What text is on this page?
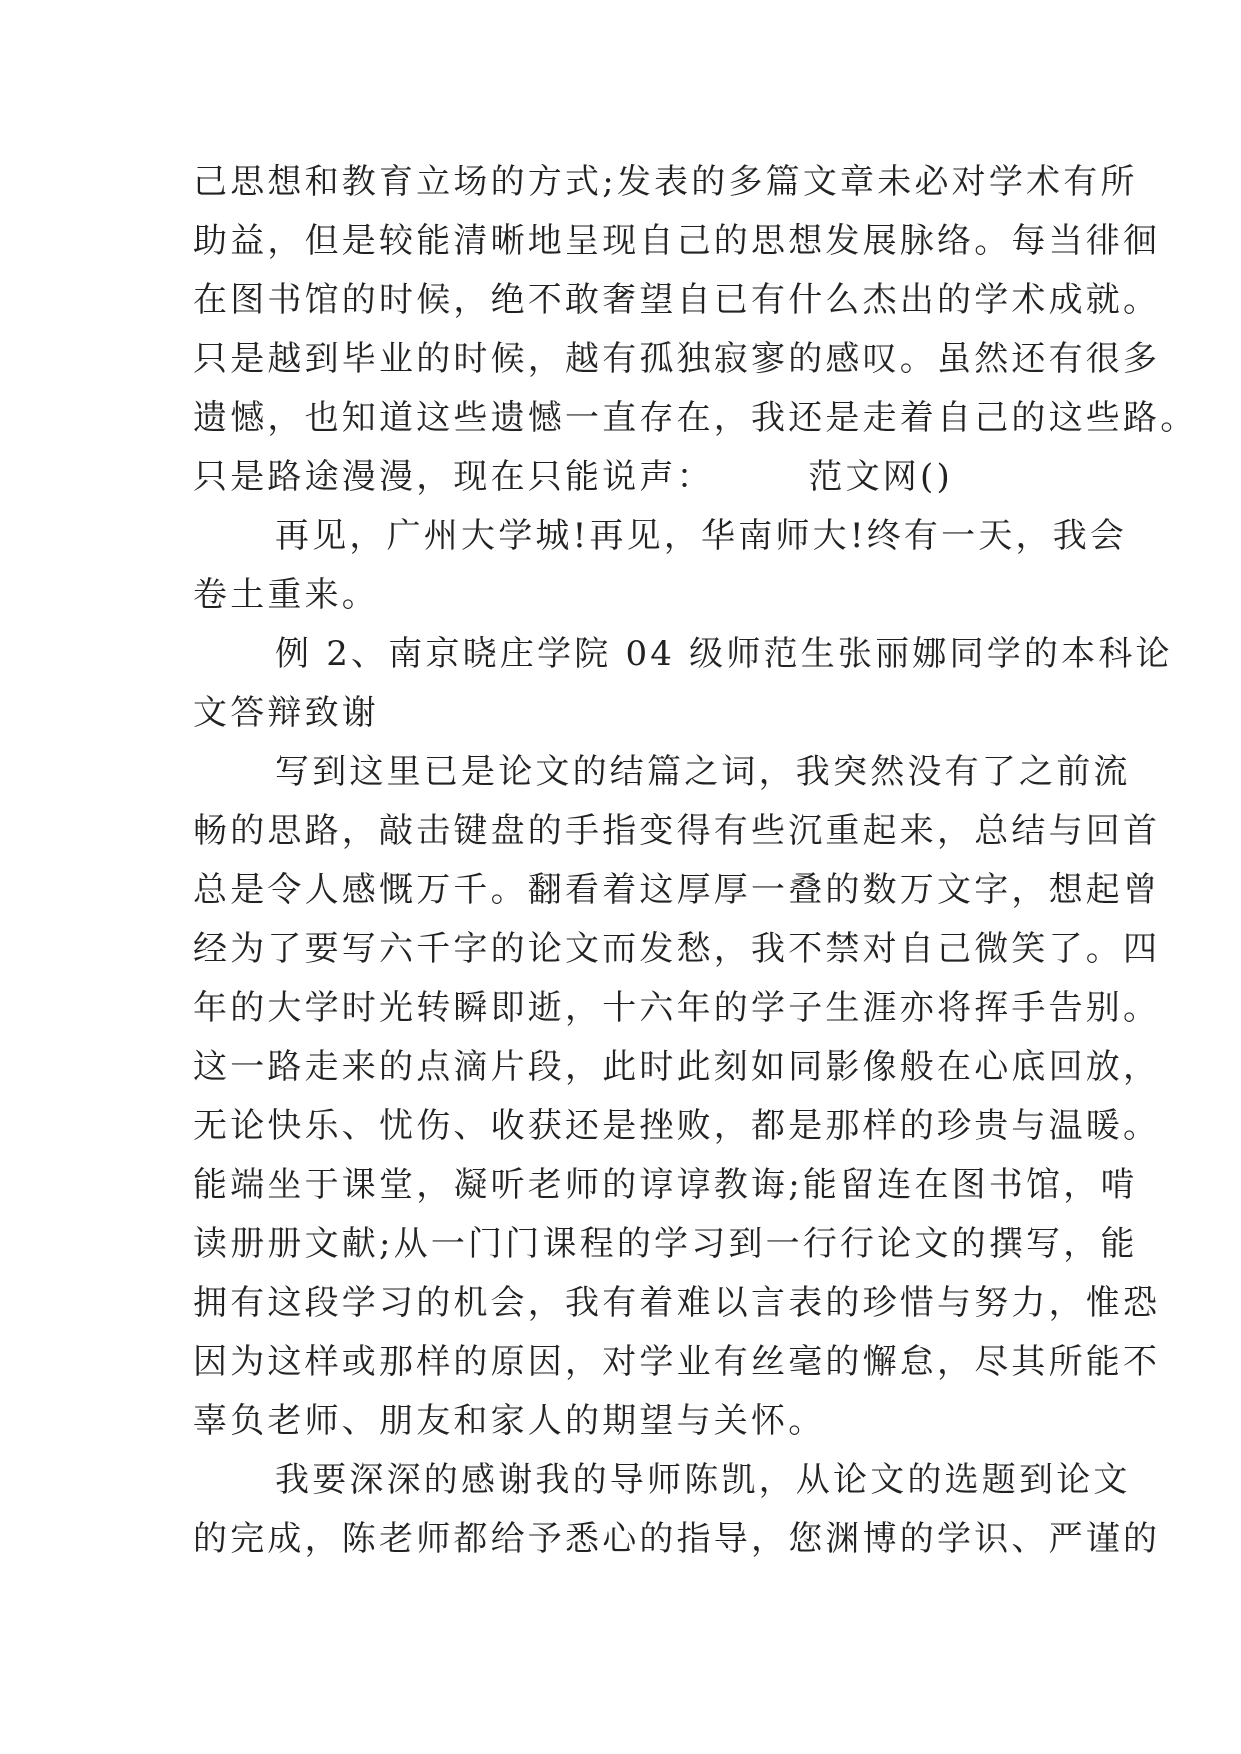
己思想和教育立场的方式;发表的多篇文章未必对学术有所
助益，但是较能清晰地呈现自己的思想发展脉络。每当徘徊
在图书馆的时候，绝不敢奢望自已有什么杰出的学术成就。
只是越到毕业的时候，越有孤独寂寥的感叹。虽然还有很多
遗憾，也知道这些遗憾一直存在，我还是走着自己的这些路。
只是路途漫漫，现在只能说声：　　　范文网()
再见，广州大学城!再见，华南师大!终有一天，我会
卷土重来。
例 2、南京晓庄学院 04 级师范生张丽娜同学的本科论
文答辩致谢
写到这里已是论文的结篇之词，我突然没有了之前流
畅的思路，敲击键盘的手指变得有些沉重起来，总结与回首
总是令人感慨万千。翻看着这厚厚一叠的数万文字，想起曾
经为了要写六千字的论文而发愁，我不禁对自己微笑了。四
年的大学时光转瞬即逝，十六年的学子生涯亦将挥手告别。
这一路走来的点滴片段，此时此刻如同影像般在心底回放，
无论快乐、忧伤、收获还是挫败，都是那样的珍贵与温暖。
能端坐于课堂，凝听老师的谆谆教诲;能留连在图书馆，啃
读册册文献;从一门门课程的学习到一行行论文的撰写，能
拥有这段学习的机会，我有着难以言表的珍惜与努力，惟恐
因为这样或那样的原因，对学业有丝毫的懈怠，尽其所能不
辜负老师、朋友和家人的期望与关怀。
我要深深的感谢我的导师陈凯，从论文的选题到论文
的完成，陈老师都给予悉心的指导，您渊博的学识、严谨的
